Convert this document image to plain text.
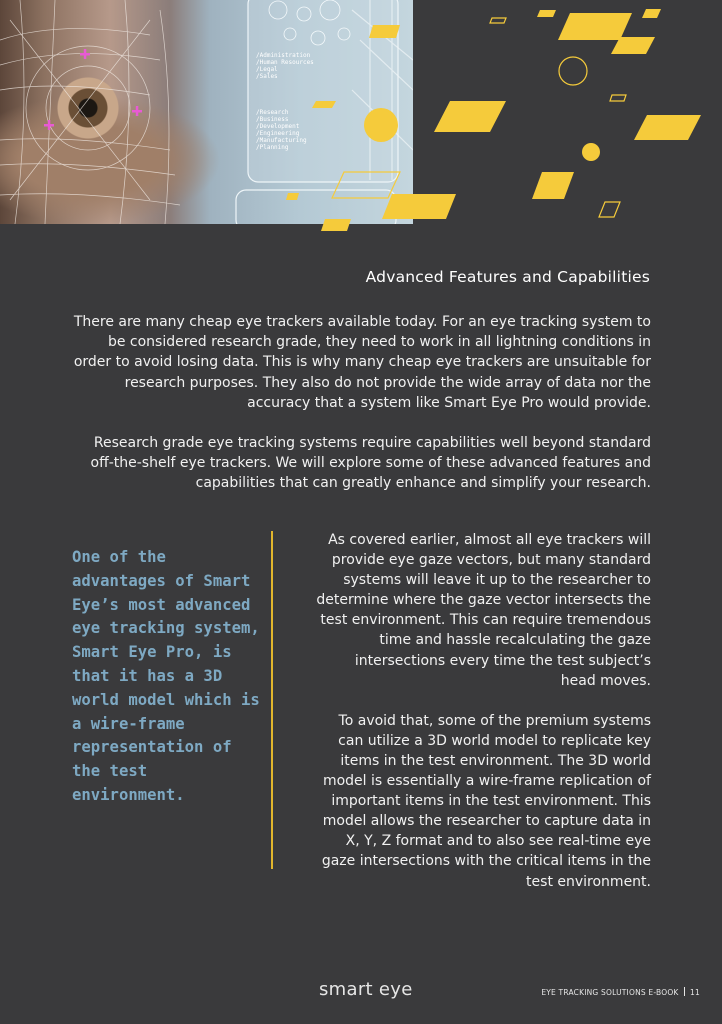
/Administration
/Human Resources
/Legal
/Sales
/Research
/Business
/Development
/Engineering
/Manufacturing
/Planning
Advanced Features and Capabilities

There are many cheap eye trackers available today. For an eye tracking system to be considered research grade, they need to work in all lightning conditions in order to avoid losing data. This is why many cheap eye trackers are unsuitable for research purposes. They also do not provide the wide array of data nor the accuracy that a system like Smart Eye Pro would provide.

Research grade eye tracking systems require capabilities well beyond standard off-the-shelf eye trackers. We will explore some of these advanced features and capabilities that can greatly enhance and simplify your research.

One of the advantages of Smart Eye’s most advanced eye tracking system, Smart Eye Pro, is that it has a 3D world model which is a wire-frame representation of the test environment.

As covered earlier, almost all eye trackers will provide eye gaze vectors, but many standard systems will leave it up to the researcher to determine where the gaze vector intersects the test environment. This can require tremendous time and hassle recalculating the gaze intersections every time the test subject’s head moves.

To avoid that, some of the premium systems can utilize a 3D world model to replicate key items in the test environment. The 3D world model is essentially a wire-frame replication of important items in the test environment. This model allows the researcher to capture data in X, Y, Z format and to also see real-time eye gaze intersections with the critical items in the test environment.

smart eye	EYE TRACKING SOLUTIONS E-BOOK 11
